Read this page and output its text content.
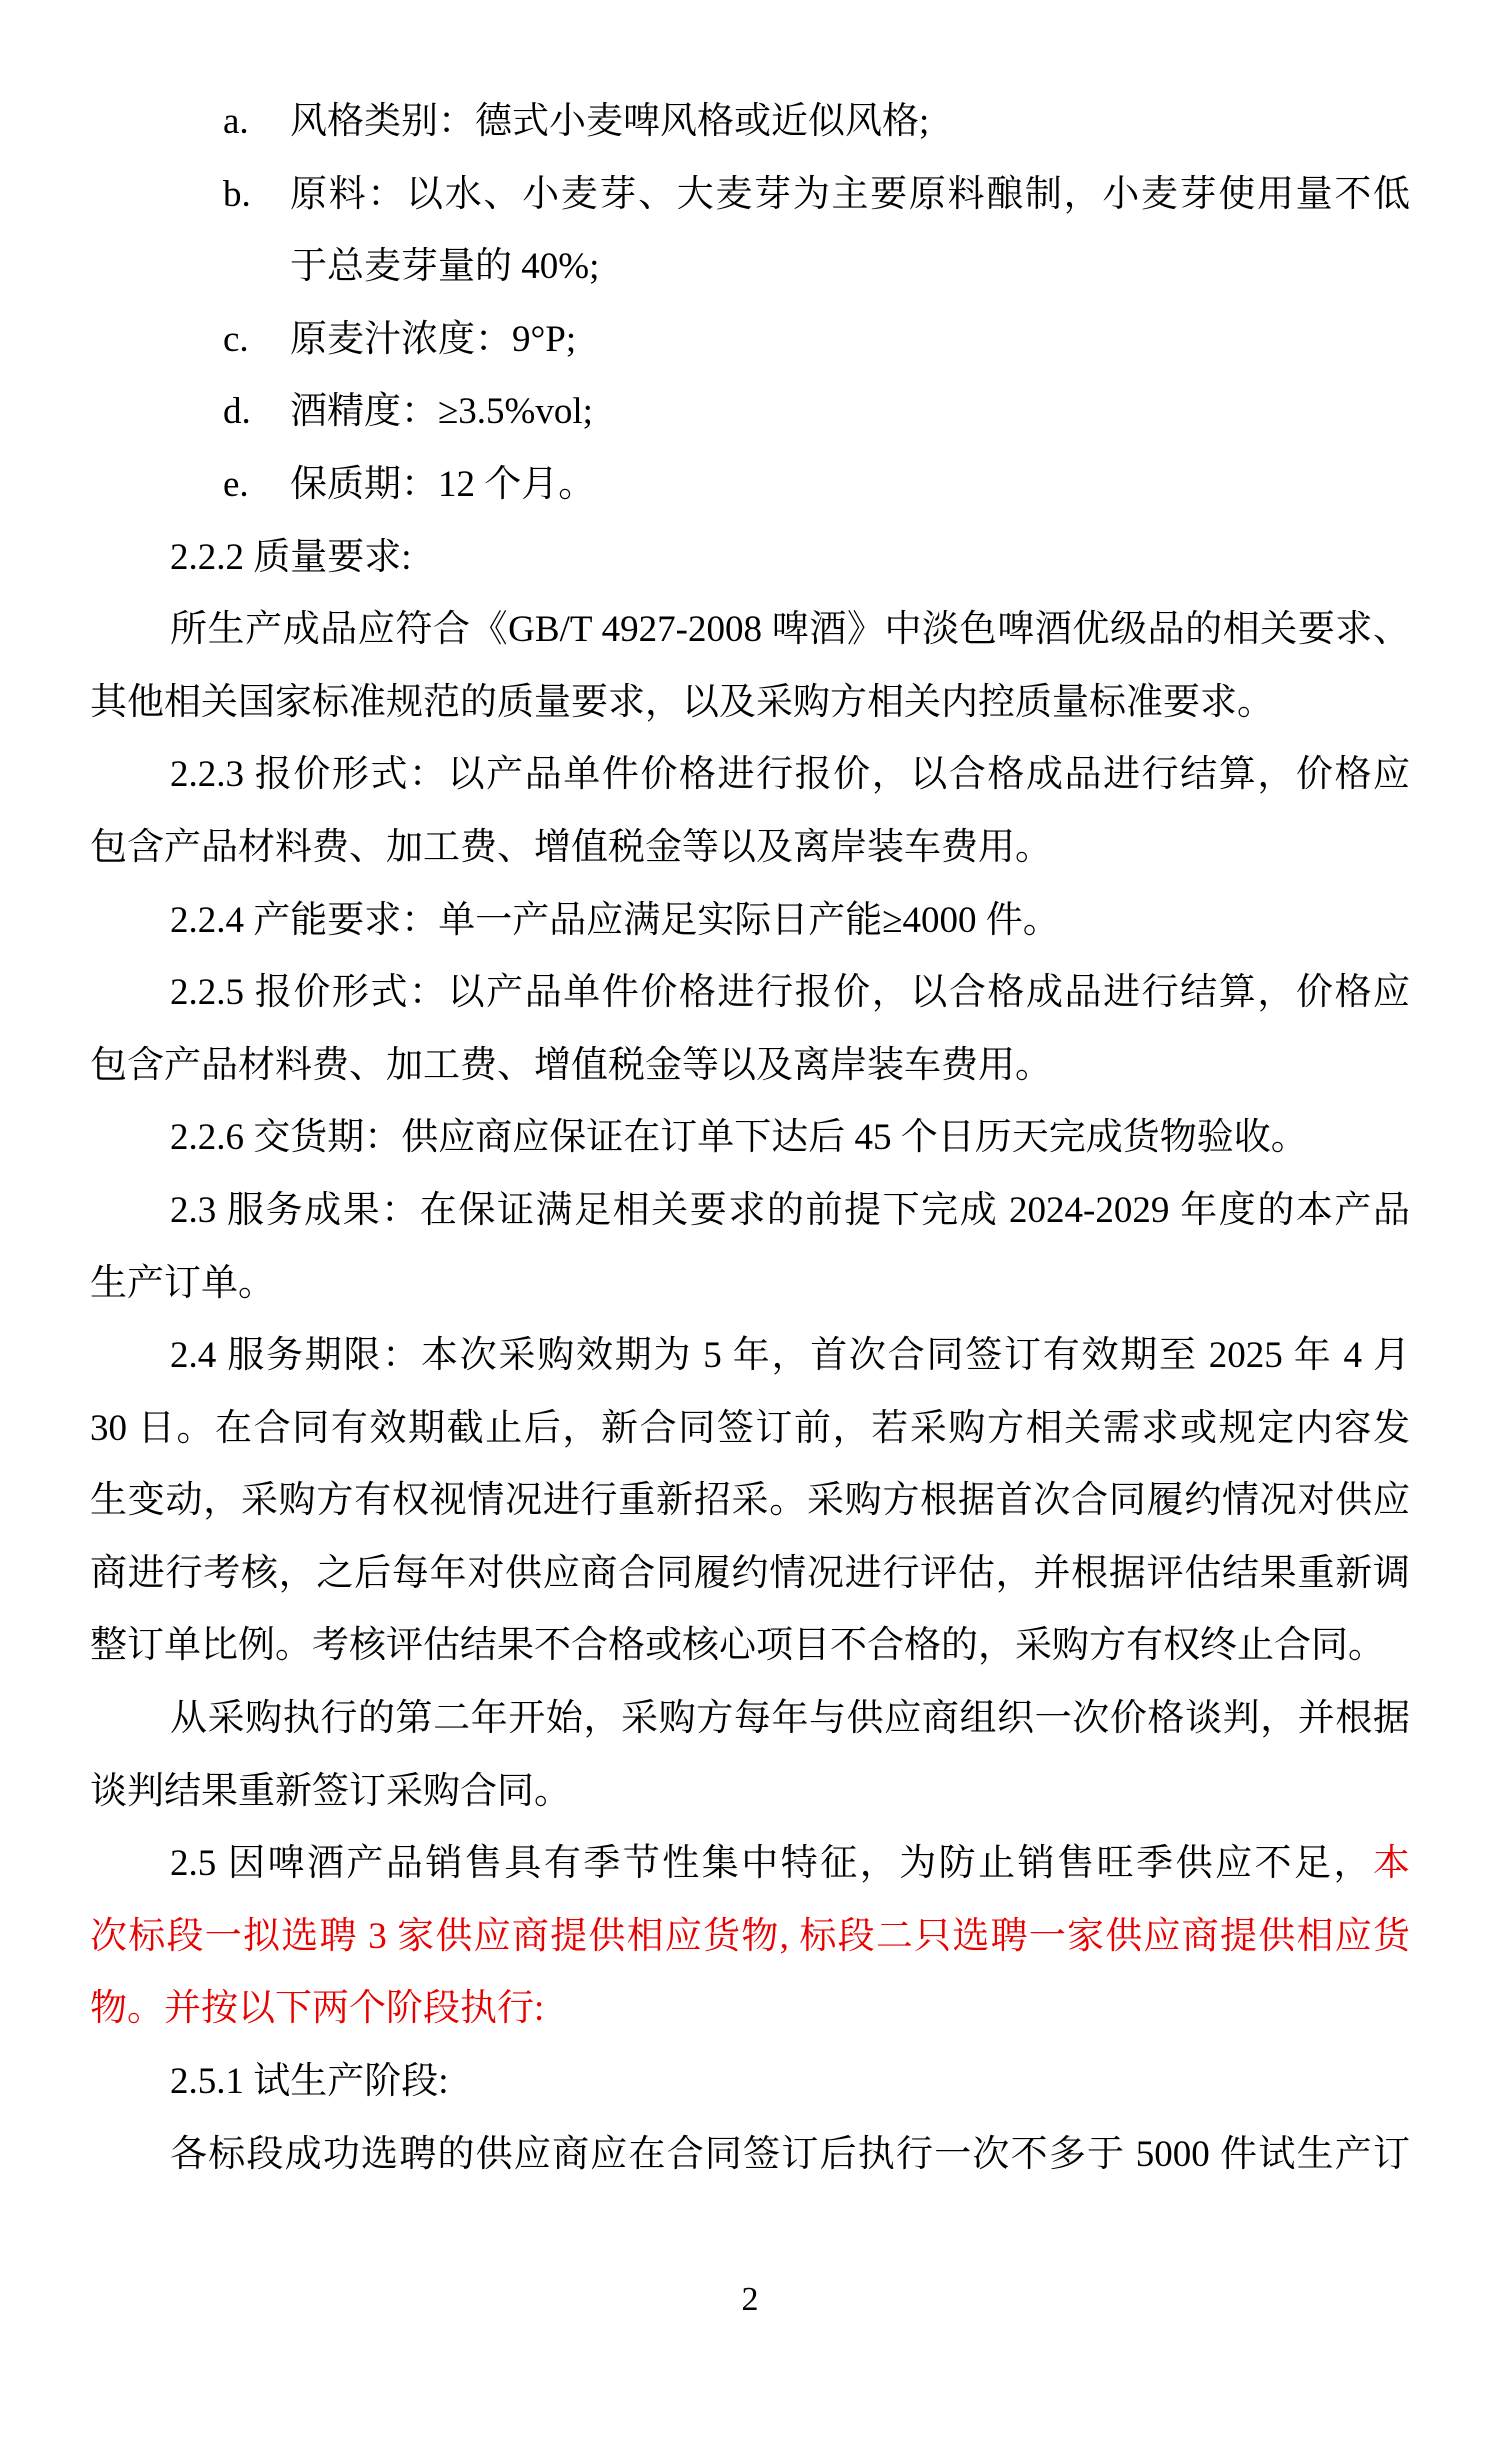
a. 风格类别：德式小麦啤风格或近似风格;
b. 原料：以水、小麦芽、大麦芽为主要原料酿制，小麦芽使用量不低
于总麦芽量的 40%;
c. 原麦汁浓度：9°P;
d. 酒精度：≥3.5%vol;
e. 保质期：12 个月。
2.2.2 质量要求:
所生产成品应符合《GB/T 4927-2008 啤酒》中淡色啤酒优级品的相关要求、
其他相关国家标准规范的质量要求，以及采购方相关内控质量标准要求。
2.2.3 报价形式：以产品单件价格进行报价，以合格成品进行结算，价格应
包含产品材料费、加工费、增值税金等以及离岸装车费用。
2.2.4 产能要求：单一产品应满足实际日产能≥4000 件。
2.2.5 报价形式：以产品单件价格进行报价，以合格成品进行结算，价格应
包含产品材料费、加工费、增值税金等以及离岸装车费用。
2.2.6 交货期：供应商应保证在订单下达后 45 个日历天完成货物验收。
2.3 服务成果：在保证满足相关要求的前提下完成 2024-2029 年度的本产品
生产订单。
2.4 服务期限：本次采购效期为 5 年，首次合同签订有效期至 2025 年 4 月
30 日。在合同有效期截止后，新合同签订前，若采购方相关需求或规定内容发
生变动，采购方有权视情况进行重新招采。采购方根据首次合同履约情况对供应
商进行考核，之后每年对供应商合同履约情况进行评估，并根据评估结果重新调
整订单比例。考核评估结果不合格或核心项目不合格的，采购方有权终止合同。
从采购执行的第二年开始，采购方每年与供应商组织一次价格谈判，并根据
谈判结果重新签订采购合同。
2.5 因啤酒产品销售具有季节性集中特征，为防止销售旺季供应不足，本
次标段一拟选聘 3 家供应商提供相应货物, 标段二只选聘一家供应商提供相应货
物。并按以下两个阶段执行:
2.5.1 试生产阶段:
各标段成功选聘的供应商应在合同签订后执行一次不多于 5000 件试生产订
2
